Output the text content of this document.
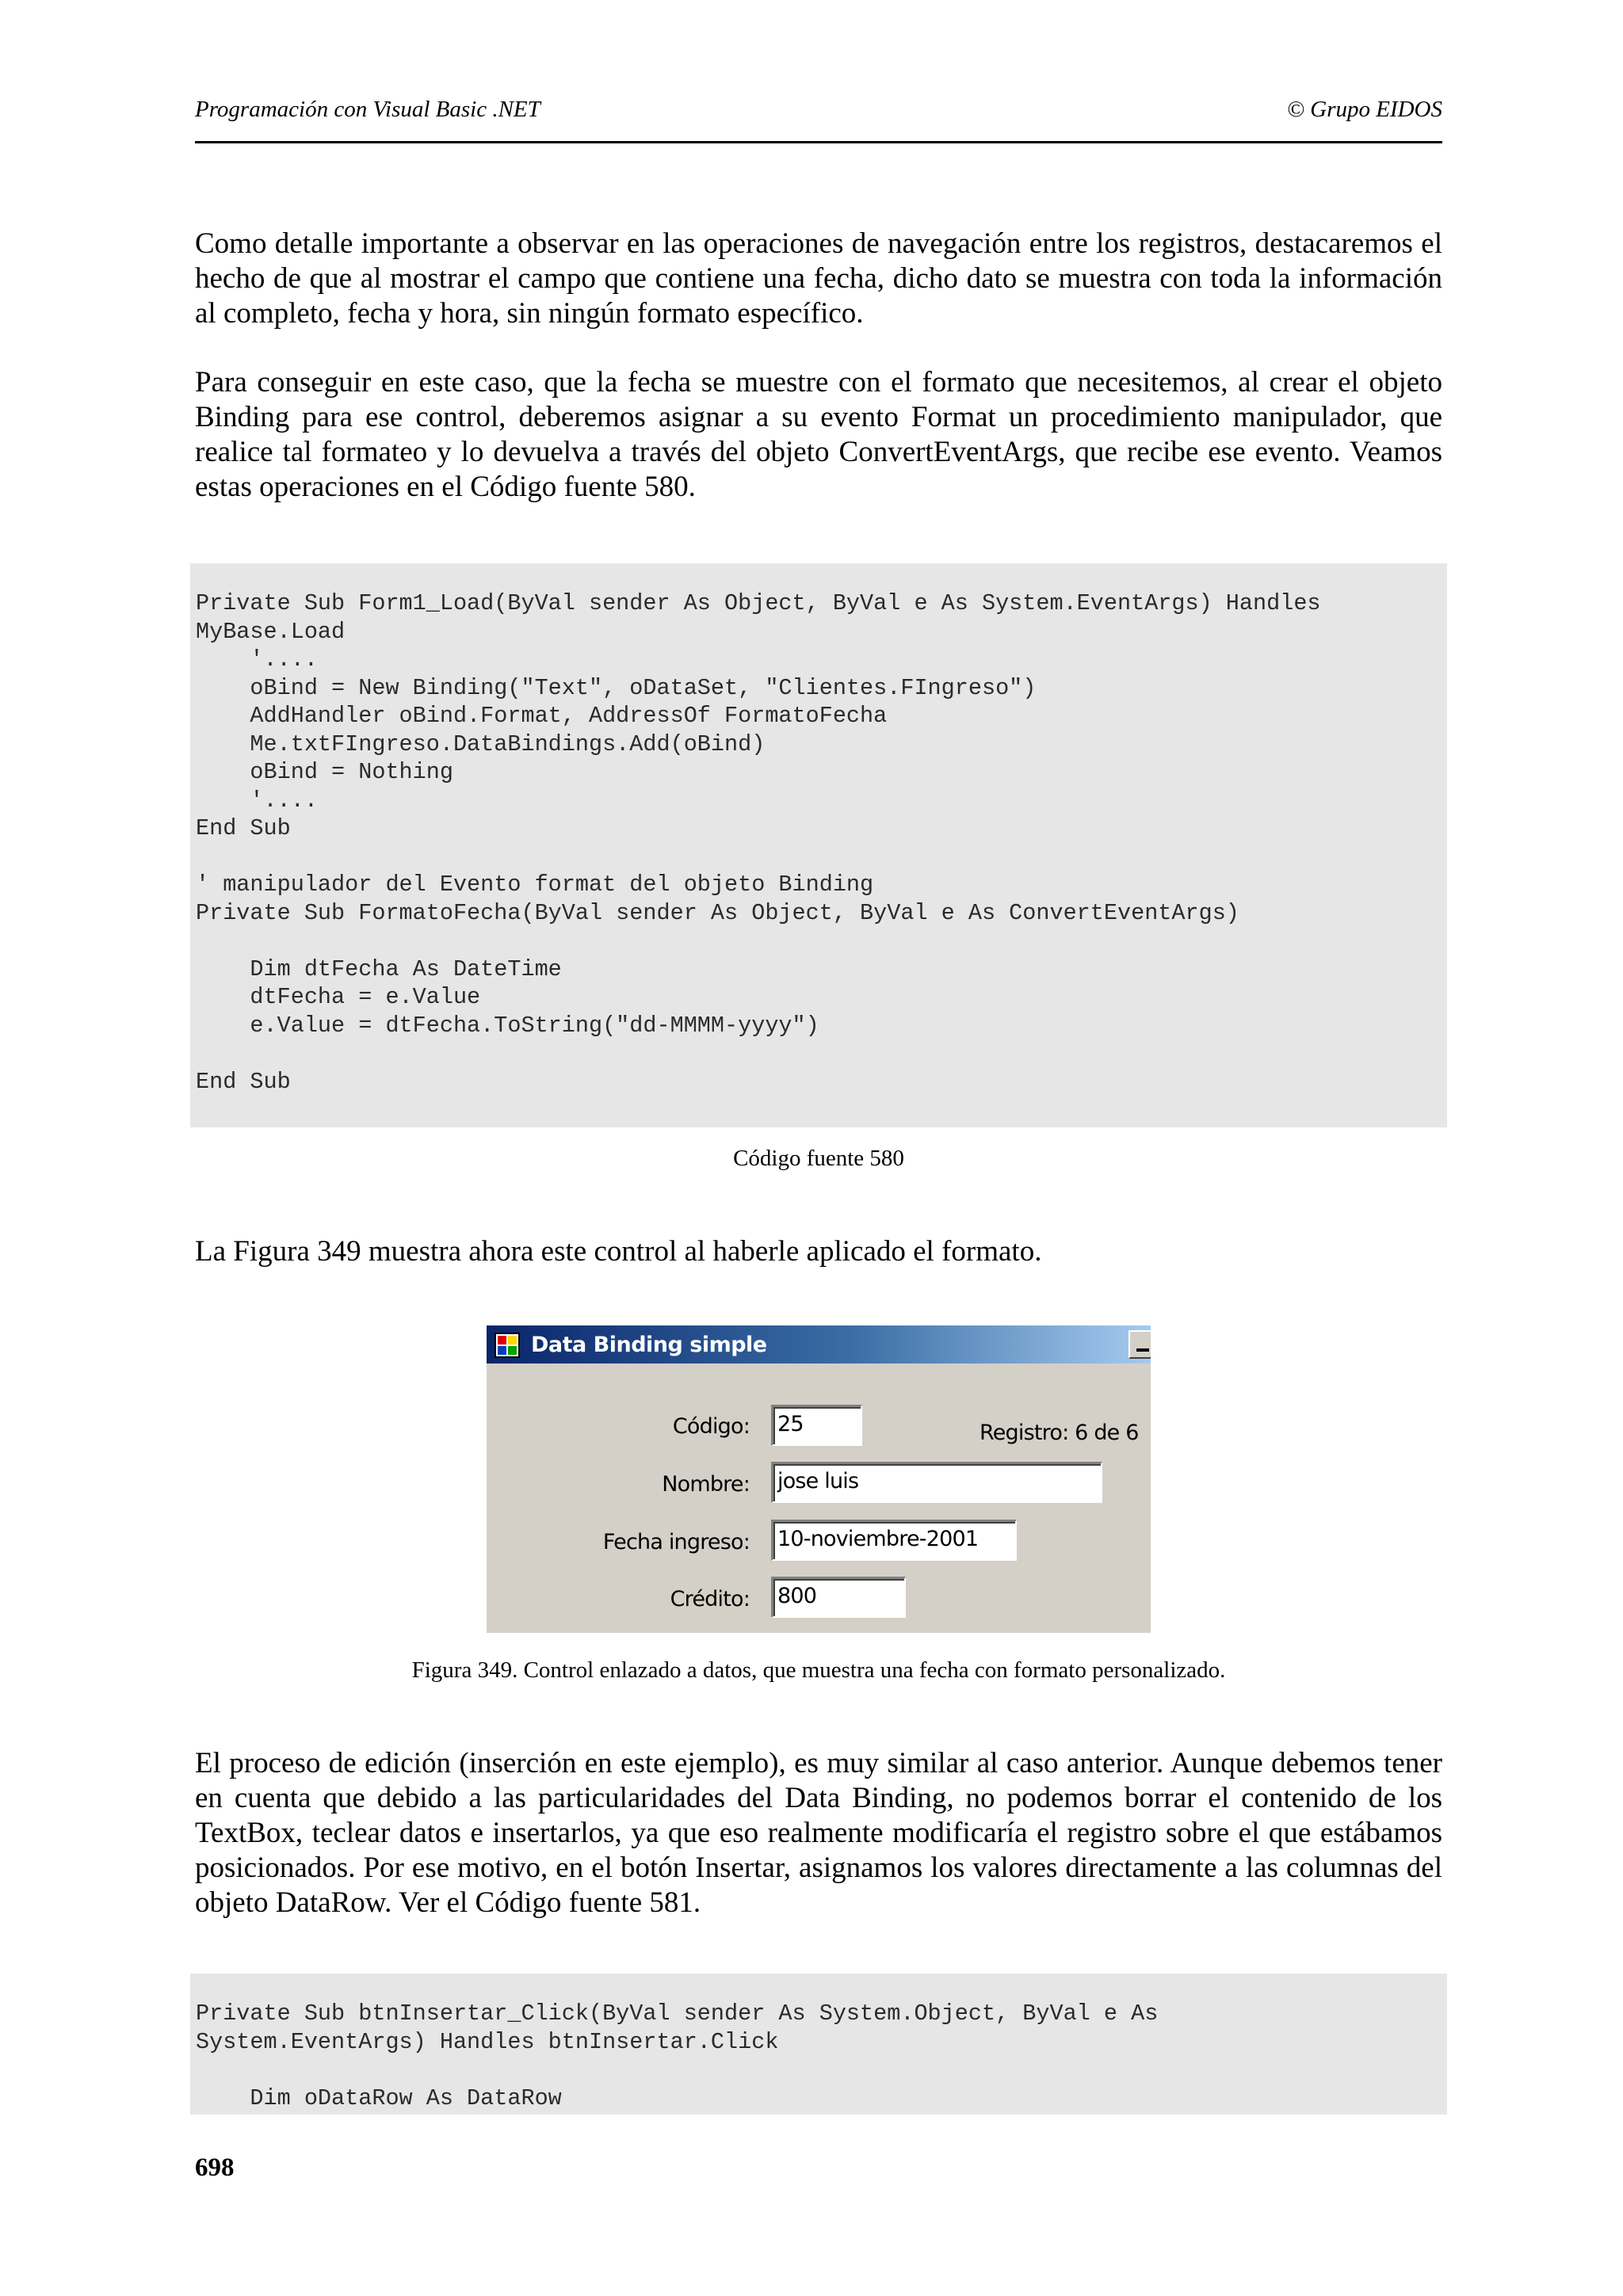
Programación con Visual Basic .NET	© Grupo EIDOS

Como detalle importante a observar en las operaciones de navegación entre los registros, destacaremos el hecho de que al mostrar el campo que contiene una fecha, dicho dato se muestra con toda la información al completo, fecha y hora, sin ningún formato específico.

Para conseguir en este caso, que la fecha se muestre con el formato que necesitemos, al crear el objeto Binding para ese control, deberemos asignar a su evento Format un procedimiento manipulador, que realice tal formateo y lo devuelva a través del objeto ConvertEventArgs, que recibe ese evento. Veamos estas operaciones en el Código fuente 580.

Private Sub Form1_Load(ByVal sender As Object, ByVal e As System.EventArgs) Handles
MyBase.Load
'....
oBind = New Binding("Text", oDataSet, "Clientes.FIngreso")
AddHandler oBind.Format, AddressOf FormatoFecha
Me.txtFIngreso.DataBindings.Add(oBind)
oBind = Nothing
'....
End Sub
' manipulador del Evento format del objeto Binding
Private Sub FormatoFecha(ByVal sender As Object, ByVal e As ConvertEventArgs)
Dim dtFecha As DateTime
dtFecha = e.Value
e.Value = dtFecha.ToString("dd-MMMM-yyyy")
End Sub
Código fuente 580

La Figura 349 muestra ahora este control al haberle aplicado el formato.

Data Binding simple
Código: 25	Registro: 6 de 6
Nombre: jose luis
Fecha ingreso: 10-noviembre-2001
Crédito: 800
Figura 349. Control enlazado a datos, que muestra una fecha con formato personalizado.

El proceso de edición (inserción en este ejemplo), es muy similar al caso anterior. Aunque debemos tener en cuenta que debido a las particularidades del Data Binding, no podemos borrar el contenido de los TextBox, teclear datos e insertarlos, ya que eso realmente modificaría el registro sobre el que estábamos posicionados. Por ese motivo, en el botón Insertar, asignamos los valores directamente a las columnas del objeto DataRow. Ver el Código fuente 581.

Private Sub btnInsertar_Click(ByVal sender As System.Object, ByVal e As
System.EventArgs) Handles btnInsertar.Click
Dim oDataRow As DataRow
698
